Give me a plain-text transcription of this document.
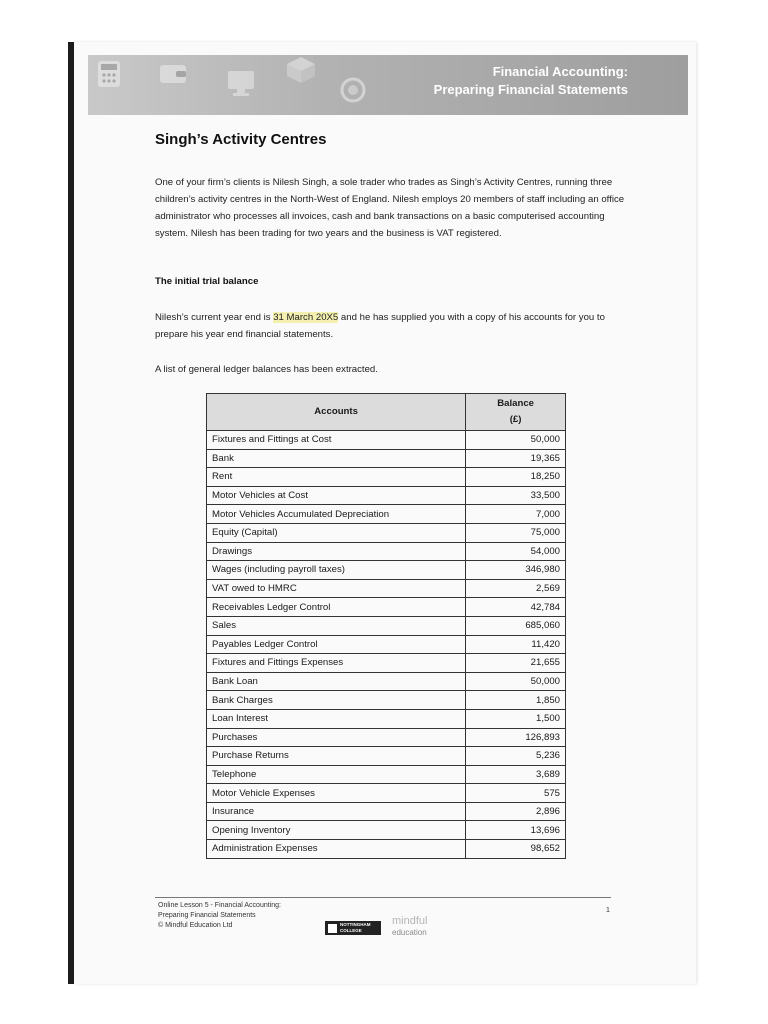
Financial Accounting:
Preparing Financial Statements
Singh’s Activity Centres
One of your firm’s clients is Nilesh Singh, a sole trader who trades as Singh’s Activity Centres, running three children’s activity centres in the North-West of England. Nilesh employs 20 members of staff including an office administrator who processes all invoices, cash and bank transactions on a basic computerised accounting system. Nilesh has been trading for two years and the business is VAT registered.
The initial trial balance
Nilesh’s current year end is 31 March 20X5 and he has supplied you with a copy of his accounts for you to prepare his year end financial statements.
A list of general ledger balances has been extracted.
Accounts	Balance
(£)

Fixtures and Fittings at Cost	50,000
Bank	19,365
Rent	18,250
Motor Vehicles at Cost	33,500
Motor Vehicles Accumulated Depreciation	7,000
Equity (Capital)	75,000
Drawings	54,000
Wages (including payroll taxes)	346,980
VAT owed to HMRC	2,569
Receivables Ledger Control	42,784
Sales	685,060
Payables Ledger Control	11,420
Fixtures and Fittings Expenses	21,655
Bank Loan	50,000
Bank Charges	1,850
Loan Interest	1,500
Purchases	126,893
Purchase Returns	5,236
Telephone	3,689
Motor Vehicle Expenses	575
Insurance	2,896
Opening Inventory	13,696
Administration Expenses	98,652
Online Lesson 5 - Financial Accounting:
Preparing Financial Statements
© Mindful Education Ltd
1
NOTTINGHAM
COLLEGE
mindful
education
